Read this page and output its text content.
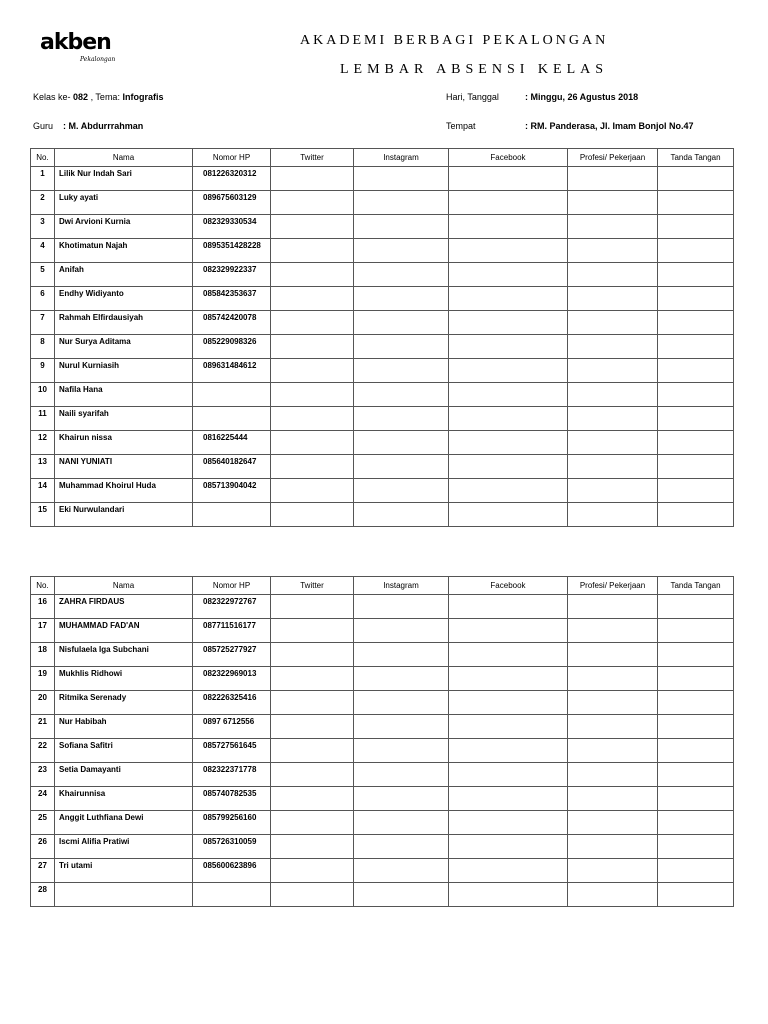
akben
Pekalongan
AKADEMI BERBAGI PEKALONGAN
LEMBAR ABSENSI KELAS
Kelas ke- 082 , Tema: Infografis	Hari, Tanggal	: Minggu, 26 Agustus 2018
Guru : M. Abdurrrahman	Tempat	: RM. Panderasa, Jl. Imam Bonjol No.47
No.	Nama	Nomor HP	Twitter	Instagram	Facebook	Profesi/ Pekerjaan	Tanda Tangan
1	Lilik Nur Indah Sari	081226320312					
2	Luky ayati	089675603129					
3	Dwi Arvioni Kurnia	082329330534					
4	Khotimatun Najah	0895351428228					
5	Anifah	082329922337					
6	Endhy Widiyanto	085842353637					
7	Rahmah Elfirdausiyah	085742420078					
8	Nur Surya Aditama	085229098326					
9	Nurul Kurniasih	089631484612					
10	Nafila Hana						
11	Naili syarifah						
12	Khairun nissa	0816225444					
13	NANI YUNIATI	085640182647					
14	Muhammad Khoirul Huda	085713904042					
15	Eki Nurwulandari						
No.	Nama	Nomor HP	Twitter	Instagram	Facebook	Profesi/ Pekerjaan	Tanda Tangan
16	ZAHRA FIRDAUS	082322972767					
17	MUHAMMAD FAD'AN	087711516177					
18	Nisfulaela Iga Subchani	085725277927					
19	Mukhlis Ridhowi	082322969013					
20	Ritmika Serenady	082226325416					
21	Nur Habibah	0897 6712556					
22	Sofiana Safitri	085727561645					
23	Setia Damayanti	082322371778					
24	Khairunnisa	085740782535					
25	Anggit Luthfiana Dewi	085799256160					
26	Iscmi Alifia Pratiwi	085726310059					
27	Tri utami	085600623896					
28							
